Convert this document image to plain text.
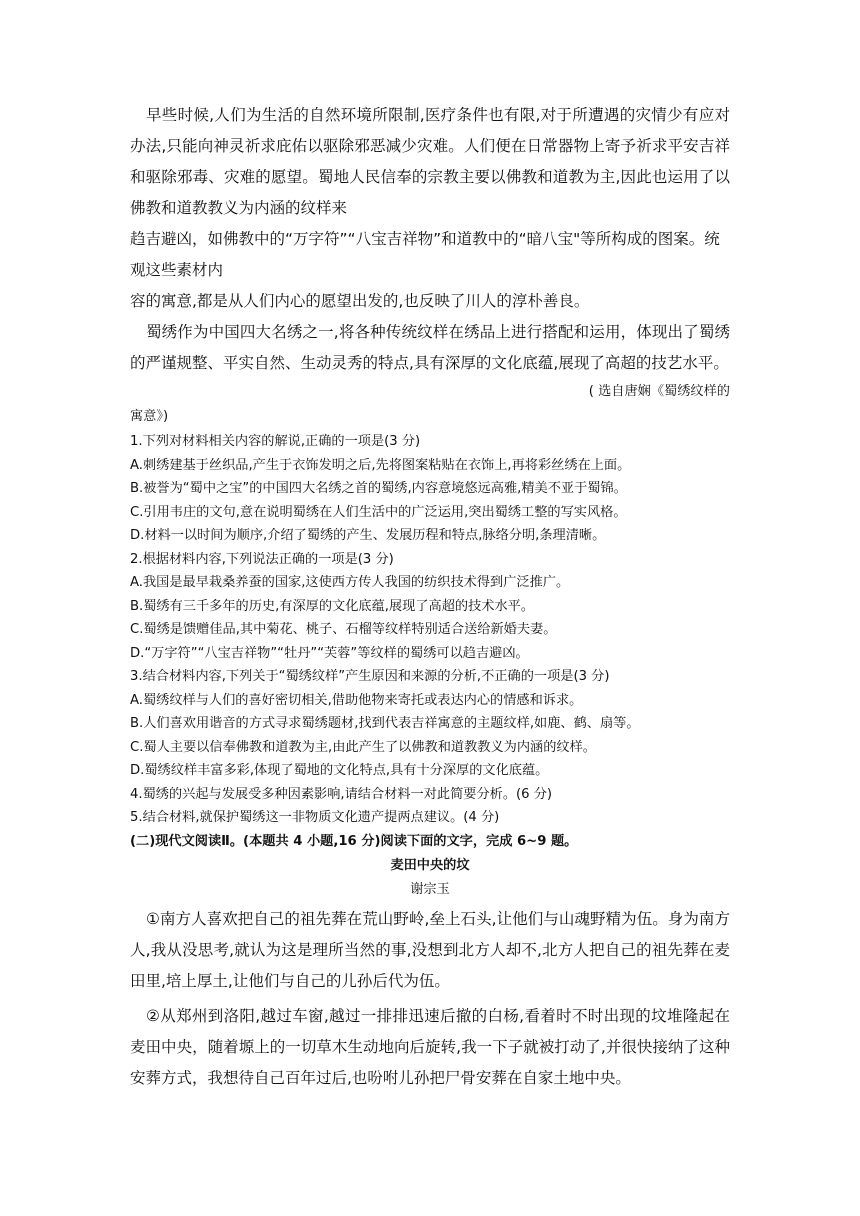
早些时候,人们为生活的自然环境所限制,医疗条件也有限,对于所遭遇的灾情少有应对办法,只能向神灵祈求庇佑以驱除邪恶减少灾难。人们便在日常器物上寄予祈求平安吉祥和驱除邪毒、灾难的愿望。蜀地人民信奉的宗教主要以佛教和道教为主,因此也运用了以佛教和道教教义为内涵的纹样来

趋吉避凶，如佛教中的“万字符”“八宝吉祥物”和道教中的“暗八宝"等所构成的图案。统观这些素材内

容的寓意,都是从人们内心的愿望出发的,也反映了川人的淳朴善良。

蜀绣作为中国四大名绣之一,将各种传统纹样在绣品上进行搭配和运用，体现出了蜀绣的严谨规整、平实自然、生动灵秀的特点,具有深厚的文化底蕴,展现了高超的技艺水平。

( 选自唐娴《蜀绣纹样的

寓意》)

1.下列对材料相关内容的解说,正确的一项是(3 分)
A.刺绣建基于丝织品,产生于衣饰发明之后,先将图案粘贴在衣饰上,再将彩丝绣在上面。
B.被誉为“蜀中之宝”的中国四大名绣之首的蜀绣,内容意境悠远高雅,精美不亚于蜀锦。
C.引用韦庄的文句,意在说明蜀绣在人们生活中的广泛运用,突出蜀绣工整的写实风格。
D.材料一以时间为顺序,介绍了蜀绣的产生、发展历程和特点,脉络分明,条理清晰。
2.根据材料内容,下列说法正确的一项是(3 分)
A.我国是最早栽桑养蚕的国家,这使西方传人我国的纺织技术得到广泛推广。
B.蜀绣有三千多年的历史,有深厚的文化底蕴,展现了高超的技术水平。
C.蜀绣是馈赠佳品,其中菊花、桃子、石榴等纹样特别适合送给新婚夫妻。
D.“万字符”“八宝吉祥物”“牡丹”“芙蓉”等纹样的蜀绣可以趋吉避凶。
3.结合材料内容,下列关于“蜀绣纹样”产生原因和来源的分析,不正确的一项是(3 分)
A.蜀绣纹样与人们的喜好密切相关,借助他物来寄托或表达内心的情感和诉求。
B.人们喜欢用谐音的方式寻求蜀绣题材,找到代表吉祥寓意的主题纹样,如鹿、鹤、扇等。
C.蜀人主要以信奉佛教和道教为主,由此产生了以佛教和道教教义为内涵的纹样。
D.蜀绣纹样丰富多彩,体现了蜀地的文化特点,具有十分深厚的文化底蕴。
4.蜀绣的兴起与发展受多种因素影响,请结合材料一对此简要分析。(6 分)
5.结合材料,就保护蜀绣这一非物质文化遗产提两点建议。(4 分)
(二)现代文阅读Ⅱ。(本题共 4 小题,16 分)阅读下面的文字，完成 6~9 题。
麦田中央的坟
谢宗玉

①南方人喜欢把自己的祖先葬在荒山野岭,垒上石头,让他们与山魂野精为伍。身为南方人,我从没思考,就认为这是理所当然的事,没想到北方人却不,北方人把自己的祖先葬在麦田里,培上厚土,让他们与自己的儿孙后代为伍。

②从郑州到洛阳,越过车窗,越过一排排迅速后撤的白杨,看着时不时出现的坟堆隆起在麦田中央，随着塬上的一切草木生动地向后旋转,我一下子就被打动了,并很快接纳了这种安葬方式，我想待自己百年过后,也吩咐儿孙把尸骨安葬在自家土地中央。
